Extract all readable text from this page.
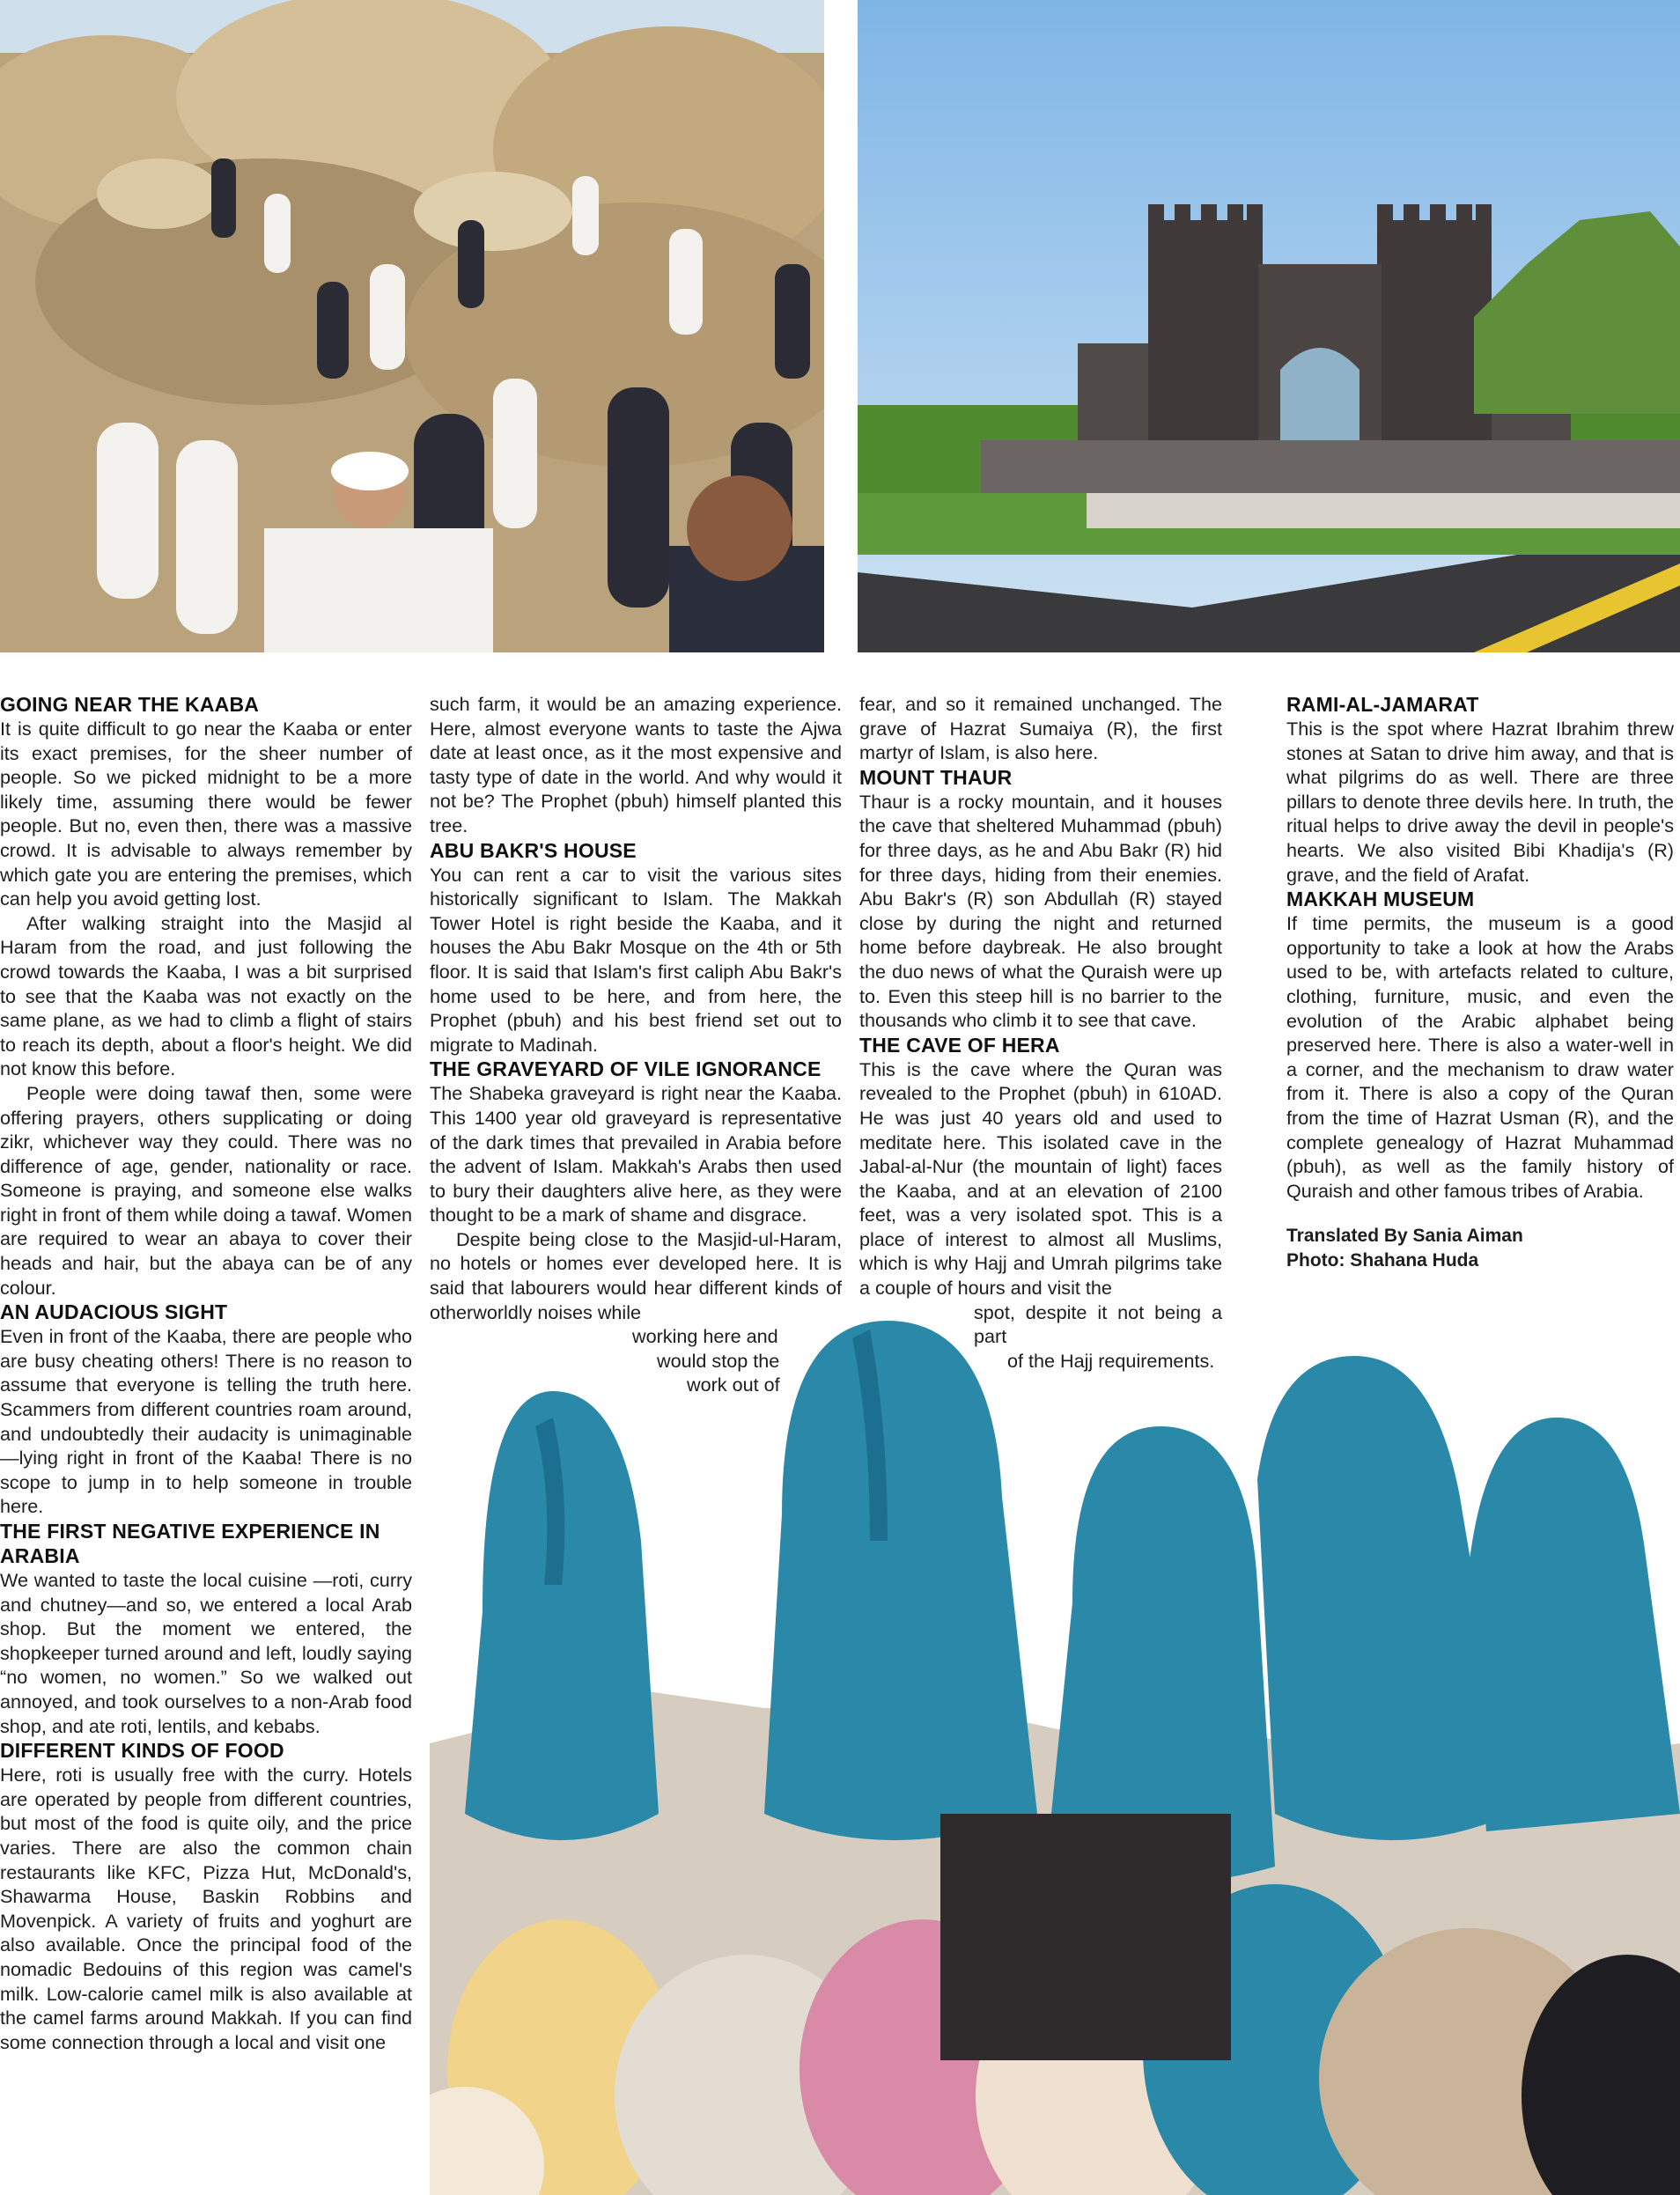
GOING NEAR THE KAABA

It is quite difficult to go near the Kaaba or enter its exact premises, for the sheer number of people. So we picked midnight to be a more likely time, assuming there would be fewer people. But no, even then, there was a massive crowd. It is advisable to always remember by which gate you are entering the premises, which can help you avoid getting lost.

After walking straight into the Masjid al Haram from the road, and just following the crowd towards the Kaaba, I was a bit surprised to see that the Kaaba was not exactly on the same plane, as we had to climb a flight of stairs to reach its depth, about a floor's height. We did not know this before.

People were doing tawaf then, some were offering prayers, others supplicating or doing zikr, whichever way they could. There was no difference of age, gender, nationality or race. Someone is praying, and someone else walks right in front of them while doing a tawaf. Women are required to wear an abaya to cover their heads and hair, but the abaya can be of any colour.

AN AUDACIOUS SIGHT

Even in front of the Kaaba, there are people who are busy cheating others! There is no reason to assume that everyone is telling the truth here. Scammers from different countries roam around, and undoubtedly their audacity is unimaginable—lying right in front of the Kaaba! There is no scope to jump in to help someone in trouble here.

THE FIRST NEGATIVE EXPERIENCE IN ARABIA

We wanted to taste the local cuisine —roti, curry and chutney—and so, we entered a local Arab shop. But the moment we entered, the shopkeeper turned around and left, loudly saying “no women, no women.” So we walked out annoyed, and took ourselves to a non-Arab food shop, and ate roti, lentils, and kebabs.

DIFFERENT KINDS OF FOOD

Here, roti is usually free with the curry. Hotels are operated by people from different countries, but most of the food is quite oily, and the price varies. There are also the common chain restaurants like KFC, Pizza Hut, McDonald's, Shawarma House, Baskin Robbins and Movenpick. A variety of fruits and yoghurt are also available. Once the principal food of the nomadic Bedouins of this region was camel's milk. Low-calorie camel milk is also available at the camel farms around Makkah. If you can find some connection through a local and visit one

such farm, it would be an amazing experience. Here, almost everyone wants to taste the Ajwa date at least once, as it the most expensive and tasty type of date in the world. And why would it not be? The Prophet (pbuh) himself planted this tree.

ABU BAKR'S HOUSE

You can rent a car to visit the various sites historically significant to Islam. The Makkah Tower Hotel is right beside the Kaaba, and it houses the Abu Bakr Mosque on the 4th or 5th floor. It is said that Islam's first caliph Abu Bakr's home used to be here, and from here, the Prophet (pbuh) and his best friend set out to migrate to Madinah.

THE GRAVEYARD OF VILE IGNORANCE

The Shabeka graveyard is right near the Kaaba. This 1400 year old graveyard is representative of the dark times that prevailed in Arabia before the advent of Islam. Makkah's Arabs then used to bury their daughters alive here, as they were thought to be a mark of shame and disgrace.

Despite being close to the Masjid-ul-Haram, no hotels or homes ever developed here. It is said that labourers would hear different kinds of otherworldly noises while

working here and

would stop the

work out of

fear, and so it remained unchanged. The grave of Hazrat Sumaiya (R), the first martyr of Islam, is also here.

MOUNT THAUR

Thaur is a rocky mountain, and it houses the cave that sheltered Muhammad (pbuh) for three days, as he and Abu Bakr (R) hid for three days, hiding from their enemies. Abu Bakr's (R) son Abdullah (R) stayed close by during the night and returned home before daybreak. He also brought the duo news of what the Quraish were up to. Even this steep hill is no barrier to the thousands who climb it to see that cave.

THE CAVE OF HERA

This is the cave where the Quran was revealed to the Prophet (pbuh) in 610AD. He was just 40 years old and used to meditate here. This isolated cave in the Jabal-al-Nur (the mountain of light) faces the Kaaba, and at an elevation of 2100 feet, was a very isolated spot. This is a place of interest to almost all Muslims, which is why Hajj and Umrah pilgrims take a couple of hours and visit the

spot, despite it not being a part

of the Hajj requirements.

RAMI-AL-JAMARAT

This is the spot where Hazrat Ibrahim threw stones at Satan to drive him away, and that is what pilgrims do as well. There are three pillars to denote three devils here. In truth, the ritual helps to drive away the devil in people's hearts. We also visited Bibi Khadija's (R) grave, and the field of Arafat.

MAKKAH MUSEUM

If time permits, the museum is a good opportunity to take a look at how the Arabs used to be, with artefacts related to culture, clothing, furniture, music, and even the evolution of the Arabic alphabet being preserved here. There is also a water-well in a corner, and the mechanism to draw water from it. There is also a copy of the Quran from the time of Hazrat Usman (R), and the complete genealogy of Hazrat Muhammad (pbuh), as well as the family history of Quraish and other famous tribes of Arabia.

Translated By Sania Aiman
Photo: Shahana Huda
